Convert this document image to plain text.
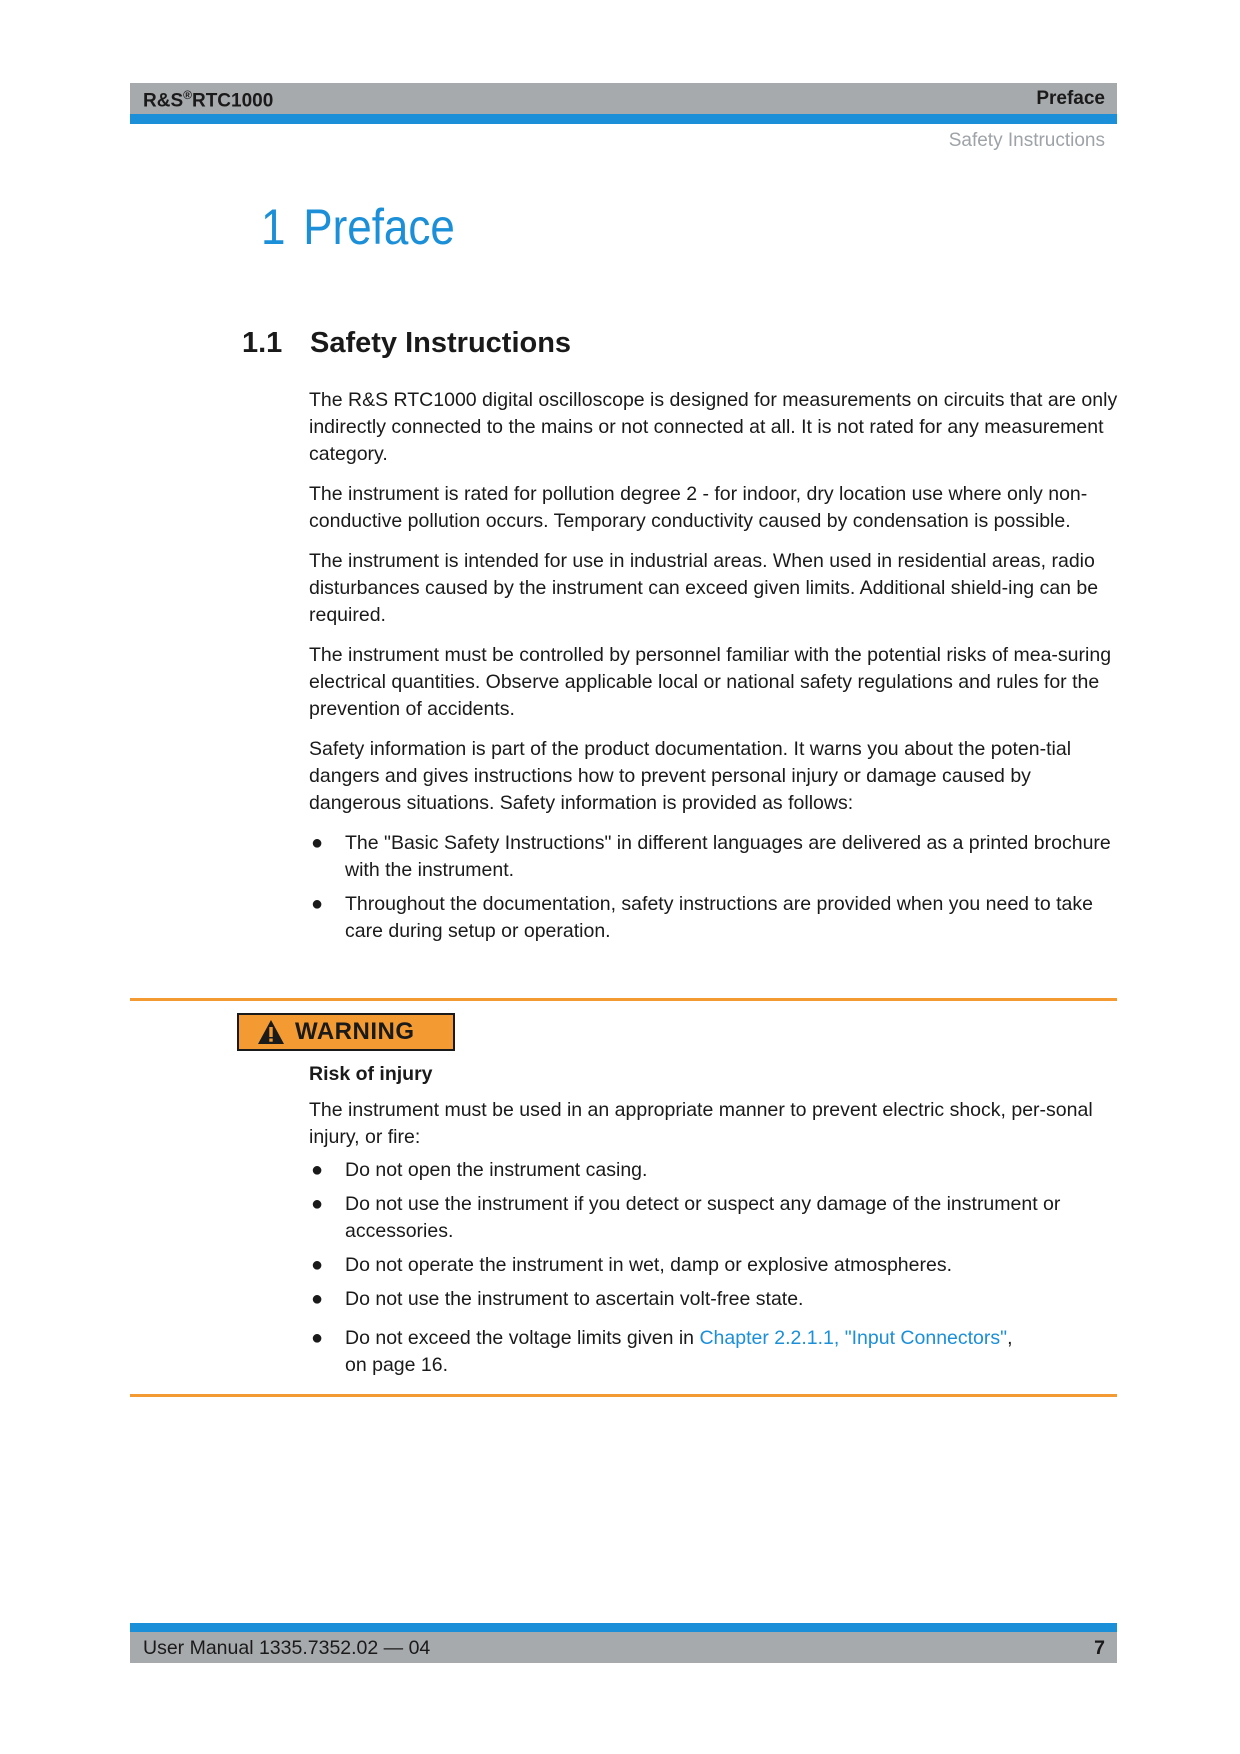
R&S®RTC1000	Preface
Safety Instructions
1 Preface
1.1 Safety Instructions

The R&S RTC1000 digital oscilloscope is designed for measurements on circuits that are only indirectly connected to the mains or not connected at all. It is not rated for any measurement category.

The instrument is rated for pollution degree 2 - for indoor, dry location use where only non-conductive pollution occurs. Temporary conductivity caused by condensation is possible.

The instrument is intended for use in industrial areas. When used in residential areas, radio disturbances caused by the instrument can exceed given limits. Additional shield-ing can be required.

The instrument must be controlled by personnel familiar with the potential risks of mea-suring electrical quantities. Observe applicable local or national safety regulations and rules for the prevention of accidents.

Safety information is part of the product documentation. It warns you about the poten-tial dangers and gives instructions how to prevent personal injury or damage caused by dangerous situations. Safety information is provided as follows:

● The "Basic Safety Instructions" in different languages are delivered as a printed brochure with the instrument.
● Throughout the documentation, safety instructions are provided when you need to take care during setup or operation.
WARNING

Risk of injury

The instrument must be used in an appropriate manner to prevent electric shock, per-sonal injury, or fire:

● Do not open the instrument casing.
● Do not use the instrument if you detect or suspect any damage of the instrument or accessories.
● Do not operate the instrument in wet, damp or explosive atmospheres.
● Do not use the instrument to ascertain volt-free state.
● Do not exceed the voltage limits given in Chapter 2.2.1.1, "Input Connectors",
on page 16.
User Manual 1335.7352.02 — 04	7
